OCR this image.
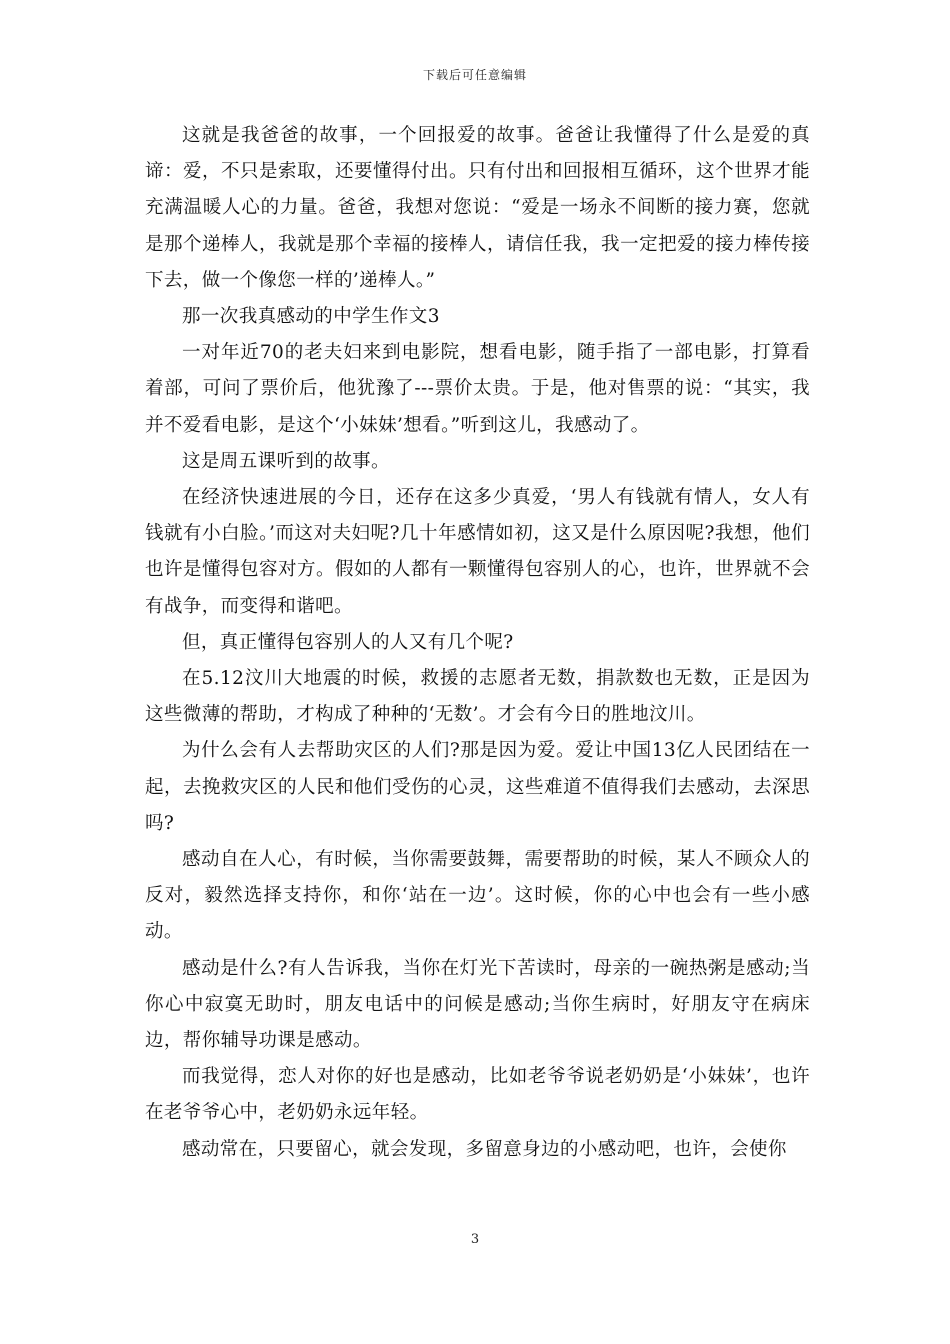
下载后可任意编辑

这就是我爸爸的故事，一个回报爱的故事。爸爸让我懂得了什么是爱的真谛：爱，不只是索取，还要懂得付出。只有付出和回报相互循环，这个世界才能充满温暖人心的力量。爸爸，我想对您说：“爱是一场永不间断的接力赛，您就是那个递棒人，我就是那个幸福的接棒人，请信任我，我一定把爱的接力棒传接下去，做一个像您一样的’递棒人。”

那一次我真感动的中学生作文3

一对年近70的老夫妇来到电影院，想看电影，随手指了一部电影，打算看着部，可问了票价后，他犹豫了---票价太贵。于是，他对售票的说：“其实，我并不爱看电影，是这个‘小妹妹’想看。”听到这儿，我感动了。

这是周五课听到的故事。

在经济快速进展的今日，还存在这多少真爱，‘男人有钱就有情人，女人有钱就有小白脸。’而这对夫妇呢?几十年感情如初，这又是什么原因呢?我想，他们也许是懂得包容对方。假如的人都有一颗懂得包容别人的心，也许，世界就不会有战争，而变得和谐吧。

但，真正懂得包容别人的人又有几个呢?

在5.12汶川大地震的时候，救援的志愿者无数，捐款数也无数，正是因为这些微薄的帮助，才构成了种种的‘无数’。才会有今日的胜地汶川。

为什么会有人去帮助灾区的人们?那是因为爱。爱让中国13亿人民团结在一起，去挽救灾区的人民和他们受伤的心灵，这些难道不值得我们去感动，去深思吗?

感动自在人心，有时候，当你需要鼓舞，需要帮助的时候，某人不顾众人的反对，毅然选择支持你，和你‘站在一边’。这时候，你的心中也会有一些小感动。

感动是什么?有人告诉我，当你在灯光下苦读时，母亲的一碗热粥是感动;当你心中寂寞无助时，朋友电话中的问候是感动;当你生病时，好朋友守在病床边，帮你辅导功课是感动。

而我觉得，恋人对你的好也是感动，比如老爷爷说老奶奶是‘小妹妹’，也许在老爷爷心中，老奶奶永远年轻。

感动常在，只要留心，就会发现，多留意身边的小感动吧，也许，会使你

3
